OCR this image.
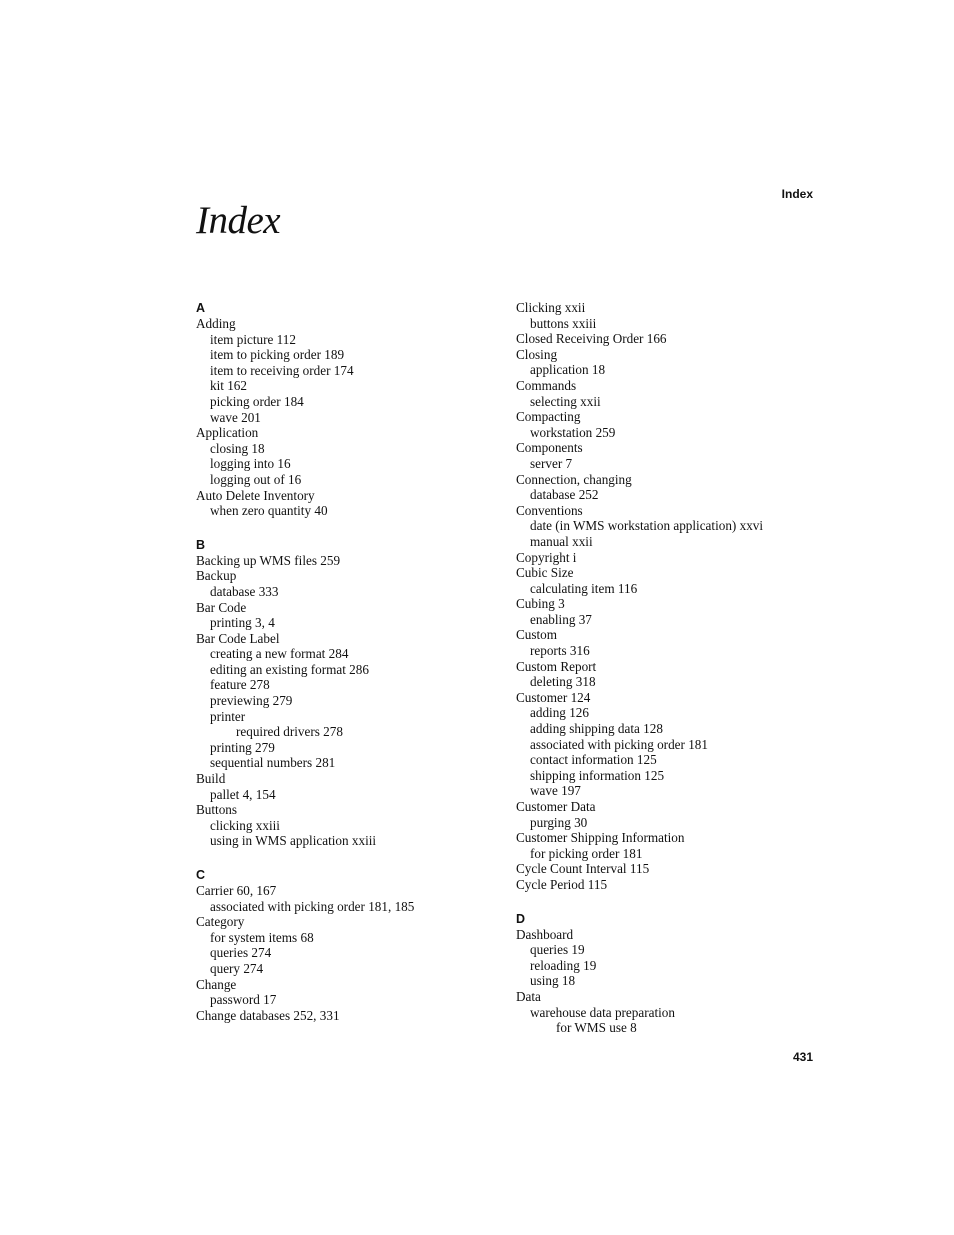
Index
Index
A
Adding
item picture 112
item to picking order 189
item to receiving order 174
kit 162
picking order 184
wave 201
Application
closing 18
logging into 16
logging out of 16
Auto Delete Inventory
when zero quantity 40
B
Backing up WMS files 259
Backup
database 333
Bar Code
printing 3, 4
Bar Code Label
creating a new format 284
editing an existing format 286
feature 278
previewing 279
printer
required drivers 278
printing 279
sequential numbers 281
Build
pallet 4, 154
Buttons
clicking xxiii
using in WMS application xxiii
C
Carrier 60, 167
associated with picking order 181, 185
Category
for system items 68
queries 274
query 274
Change
password 17
Change databases 252, 331
Clicking xxii
buttons xxiii
Closed Receiving Order 166
Closing
application 18
Commands
selecting xxii
Compacting
workstation 259
Components
server 7
Connection, changing
database 252
Conventions
date (in WMS workstation application) xxvi
manual xxii
Copyright i
Cubic Size
calculating item 116
Cubing 3
enabling 37
Custom
reports 316
Custom Report
deleting 318
Customer 124
adding 126
adding shipping data 128
associated with picking order 181
contact information 125
shipping information 125
wave 197
Customer Data
purging 30
Customer Shipping Information
for picking order 181
Cycle Count Interval 115
Cycle Period 115
D
Dashboard
queries 19
reloading 19
using 18
Data
warehouse data preparation
for WMS use 8
431
